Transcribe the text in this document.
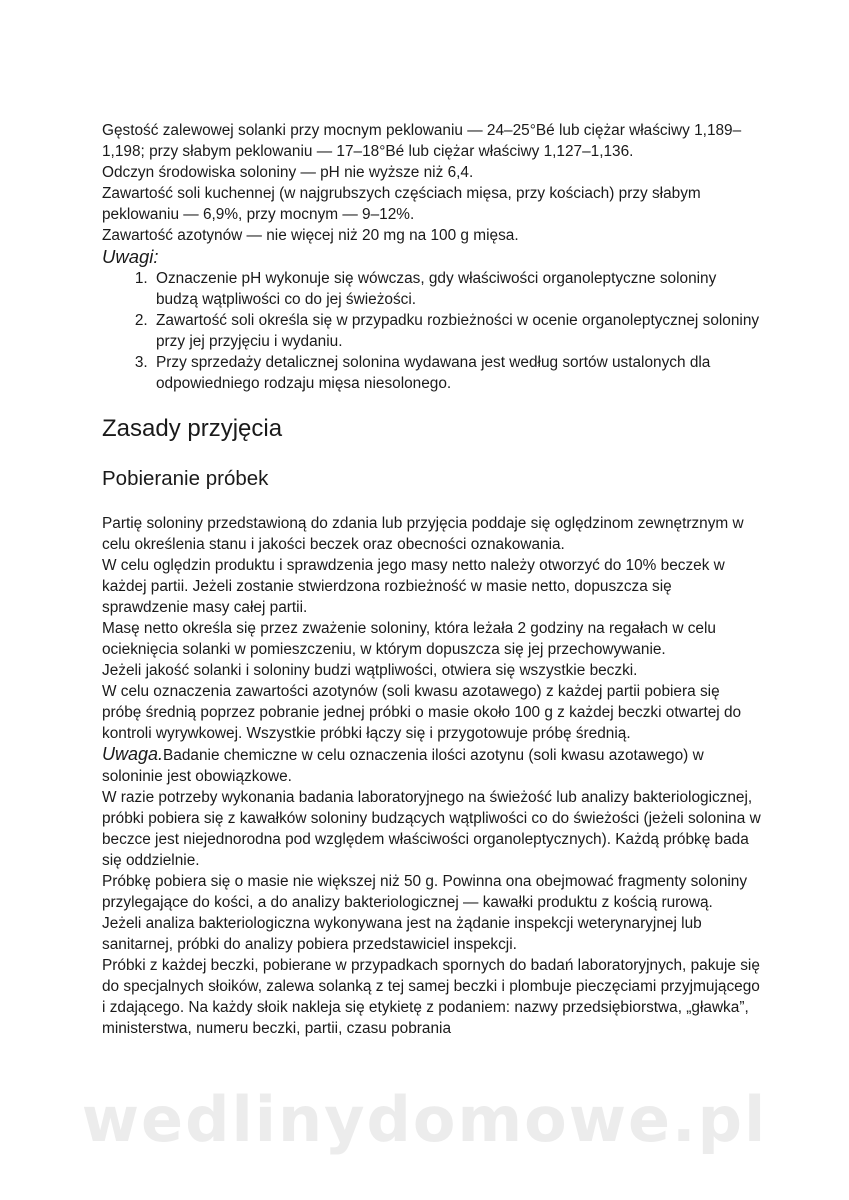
Gęstość zalewowej solanki przy mocnym peklowaniu — 24–25°Bé lub ciężar właściwy 1,189–1,198; przy słabym peklowaniu — 17–18°Bé lub ciężar właściwy 1,127–1,136.

Odczyn środowiska soloniny — pH nie wyższe niż 6,4.

Zawartość soli kuchennej (w najgrubszych częściach mięsa, przy kościach) przy słabym peklowaniu — 6,9%, przy mocnym — 9–12%.

Zawartość azotynów — nie więcej niż 20 mg na 100 g mięsa.

Uwagi:

1. Oznaczenie pH wykonuje się wówczas, gdy właściwości organoleptyczne soloniny budzą wątpliwości co do jej świeżości.
2. Zawartość soli określa się w przypadku rozbieżności w ocenie organoleptycznej soloniny przy jej przyjęciu i wydaniu.
3. Przy sprzedaży detalicznej solonina wydawana jest według sortów ustalonych dla odpowiedniego rodzaju mięsa niesolonego.
Zasady przyjęcia
Pobieranie próbek

Partię soloniny przedstawioną do zdania lub przyjęcia poddaje się oględzinom zewnętrznym w celu określenia stanu i jakości beczek oraz obecności oznakowania.

W celu oględzin produktu i sprawdzenia jego masy netto należy otworzyć do 10% beczek w każdej partii. Jeżeli zostanie stwierdzona rozbieżność w masie netto, dopuszcza się sprawdzenie masy całej partii.

Masę netto określa się przez zważenie soloniny, która leżała 2 godziny na regałach w celu ocieknięcia solanki w pomieszczeniu, w którym dopuszcza się jej przechowywanie.

Jeżeli jakość solanki i soloniny budzi wątpliwości, otwiera się wszystkie beczki.

W celu oznaczenia zawartości azotynów (soli kwasu azotawego) z każdej partii pobiera się próbę średnią poprzez pobranie jednej próbki o masie około 100 g z każdej beczki otwartej do kontroli wyrywkowej. Wszystkie próbki łączy się i przygotowuje próbę średnią.

Uwaga.Badanie chemiczne w celu oznaczenia ilości azotynu (soli kwasu azotawego) w soloninie jest obowiązkowe.

W razie potrzeby wykonania badania laboratoryjnego na świeżość lub analizy bakteriologicznej, próbki pobiera się z kawałków soloniny budzących wątpliwości co do świeżości (jeżeli solonina w beczce jest niejednorodna pod względem właściwości organoleptycznych). Każdą próbkę bada się oddzielnie.

Próbkę pobiera się o masie nie większej niż 50 g. Powinna ona obejmować fragmenty soloniny przylegające do kości, a do analizy bakteriologicznej — kawałki produktu z kością rurową.

Jeżeli analiza bakteriologiczna wykonywana jest na żądanie inspekcji weterynaryjnej lub sanitarnej, próbki do analizy pobiera przedstawiciel inspekcji.

Próbki z każdej beczki, pobierane w przypadkach spornych do badań laboratoryjnych, pakuje się do specjalnych słoików, zalewa solanką z tej samej beczki i plombuje pieczęciami przyjmującego i zdającego. Na każdy słoik nakleja się etykietę z podaniem: nazwy przedsiębiorstwa, „gławka”, ministerstwa, numeru beczki, partii, czasu pobrania

wedlinydomowe.pl
